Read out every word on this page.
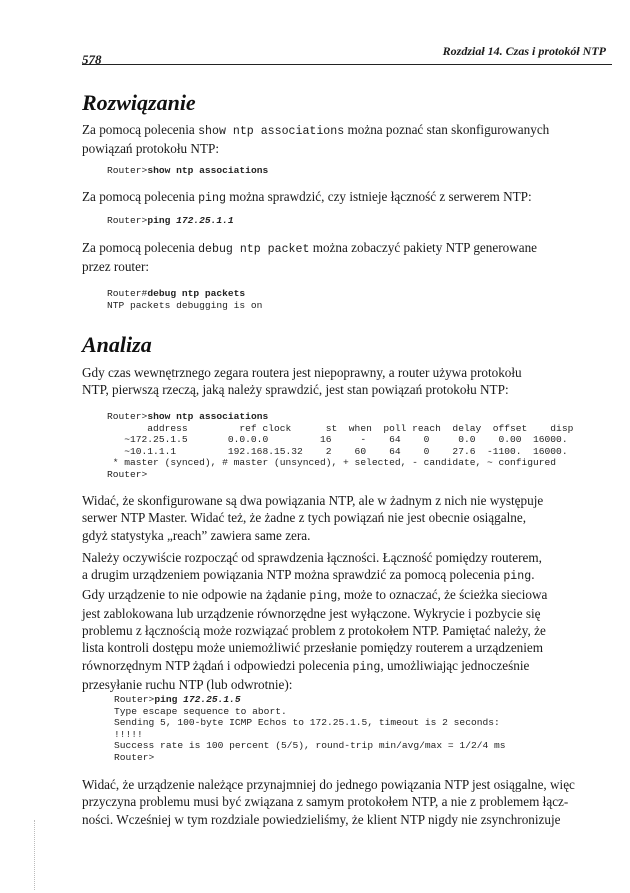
578
Rozdział 14. Czas i protokół NTP
Rozwiązanie

Za pomocą polecenia show ntp associations można poznać stan skonfigurowanych
powiązań protokołu NTP:

Router>show ntp associations

Za pomocą polecenia ping można sprawdzić, czy istnieje łączność z serwerem NTP:

Router>ping 172.25.1.1

Za pomocą polecenia debug ntp packet można zobaczyć pakiety NTP generowane
przez router:

Router#debug ntp packets
NTP packets debugging is on
Analiza

Gdy czas wewnętrznego zegara routera jest niepoprawny, a router używa protokołu
NTP, pierwszą rzeczą, jaką należy sprawdzić, jest stan powiązań protokołu NTP:

Router>show ntp associations
address         ref clock      st  when  poll reach  delay  offset    disp
~172.25.1.5       0.0.0.0         16     -    64    0     0.0    0.00  16000.
~10.1.1.1         192.168.15.32    2    60    64    0    27.6  -1100.  16000.
* master (synced), # master (unsynced), + selected, - candidate, ~ configured
Router>

Widać, że skonfigurowane są dwa powiązania NTP, ale w żadnym z nich nie występuje
serwer NTP Master. Widać też, że żadne z tych powiązań nie jest obecnie osiągalne,
gdyż statystyka „reach” zawiera same zera.

Należy oczywiście rozpocząć od sprawdzenia łączności. Łączność pomiędzy routerem,
a drugim urządzeniem powiązania NTP można sprawdzić za pomocą polecenia ping.
Gdy urządzenie to nie odpowie na żądanie ping, może to oznaczać, że ścieżka sieciowa
jest zablokowana lub urządzenie równorzędne jest wyłączone. Wykrycie i pozbycie się
problemu z łącznością może rozwiązać problem z protokołem NTP. Pamiętać należy, że
lista kontroli dostępu może uniemożliwić przesłanie pomiędzy routerem a urządzeniem
równorzędnym NTP żądań i odpowiedzi polecenia ping, umożliwiając jednocześnie
przesyłanie ruchu NTP (lub odwrotnie):

Router>ping 172.25.1.5
Type escape sequence to abort.
Sending 5, 100-byte ICMP Echos to 172.25.1.5, timeout is 2 seconds:
!!!!!
Success rate is 100 percent (5/5), round-trip min/avg/max = 1/2/4 ms
Router>

Widać, że urządzenie należące przynajmniej do jednego powiązania NTP jest osiągalne, więc
przyczyna problemu musi być związana z samym protokołem NTP, a nie z problemem łącz-
ności. Wcześniej w tym rozdziale powiedzieliśmy, że klient NTP nigdy nie zsynchronizuje
